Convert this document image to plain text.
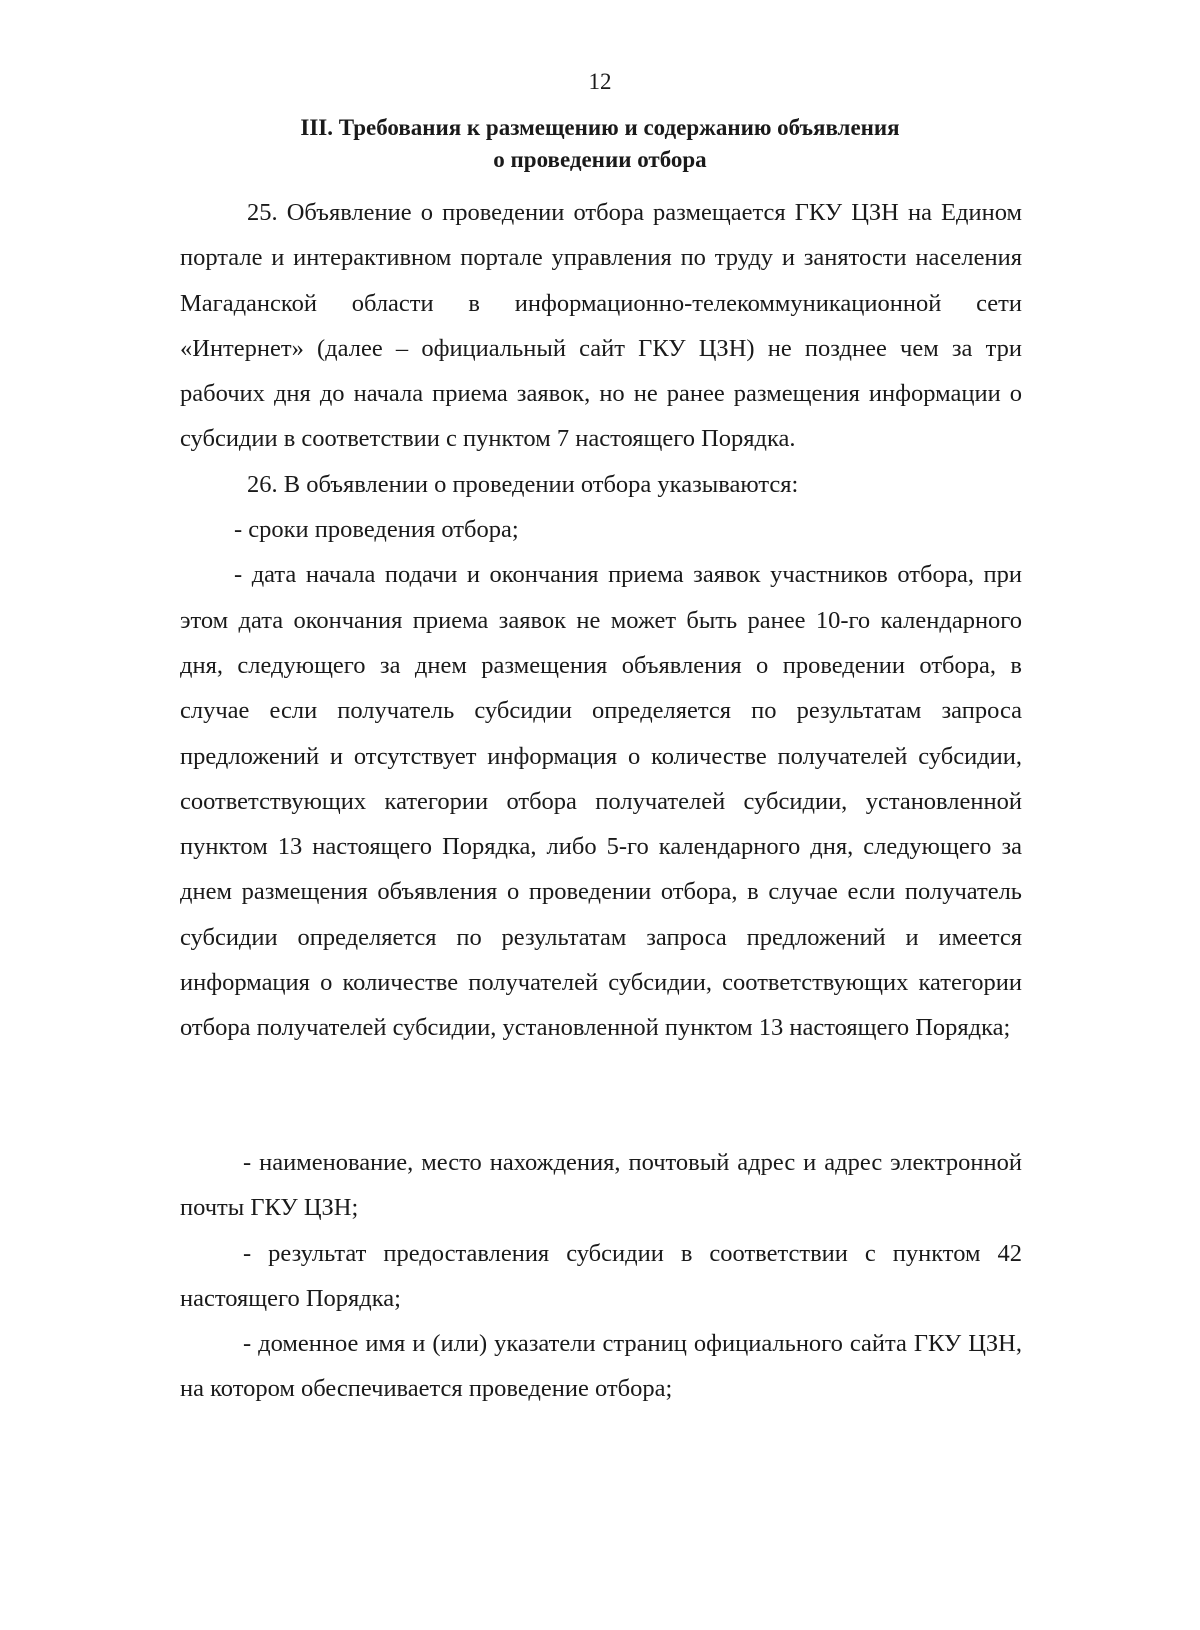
12
III. Требования к размещению и содержанию объявления
о проведении отбора

25. Объявление о проведении отбора размещается ГКУ ЦЗН на Едином портале и интерактивном портале управления по труду и занятости населения Магаданской области в информационно-телекоммуникационной сети «Интернет» (далее – официальный сайт ГКУ ЦЗН) не позднее чем за три рабочих дня до начала приема заявок, но не ранее размещения информации о субсидии в соответствии с пунктом 7 настоящего Порядка.

26. В объявлении о проведении отбора указываются:

- сроки проведения отбора;

- дата начала подачи и окончания приема заявок участников отбора, при этом дата окончания приема заявок не может быть ранее 10-го календарного дня, следующего за днем размещения объявления о проведении отбора, в случае если получатель субсидии определяется по результатам запроса предложений и отсутствует информация о количестве получателей субсидии, соответствующих категории отбора получателей субсидии, установленной пунктом 13 настоящего Порядка, либо 5-го календарного дня, следующего за днем размещения объявления о проведении отбора, в случае если получатель субсидии определяется по результатам запроса предложений и имеется информация о количестве получателей субсидии, соответствующих категории отбора получателей субсидии, установленной пунктом 13 настоящего Порядка;

- наименование, место нахождения, почтовый адрес и адрес электронной почты ГКУ ЦЗН;

- результат предоставления субсидии в соответствии с пунктом 42 настоящего Порядка;

- доменное имя и (или) указатели страниц официального сайта ГКУ ЦЗН, на котором обеспечивается проведение отбора;
